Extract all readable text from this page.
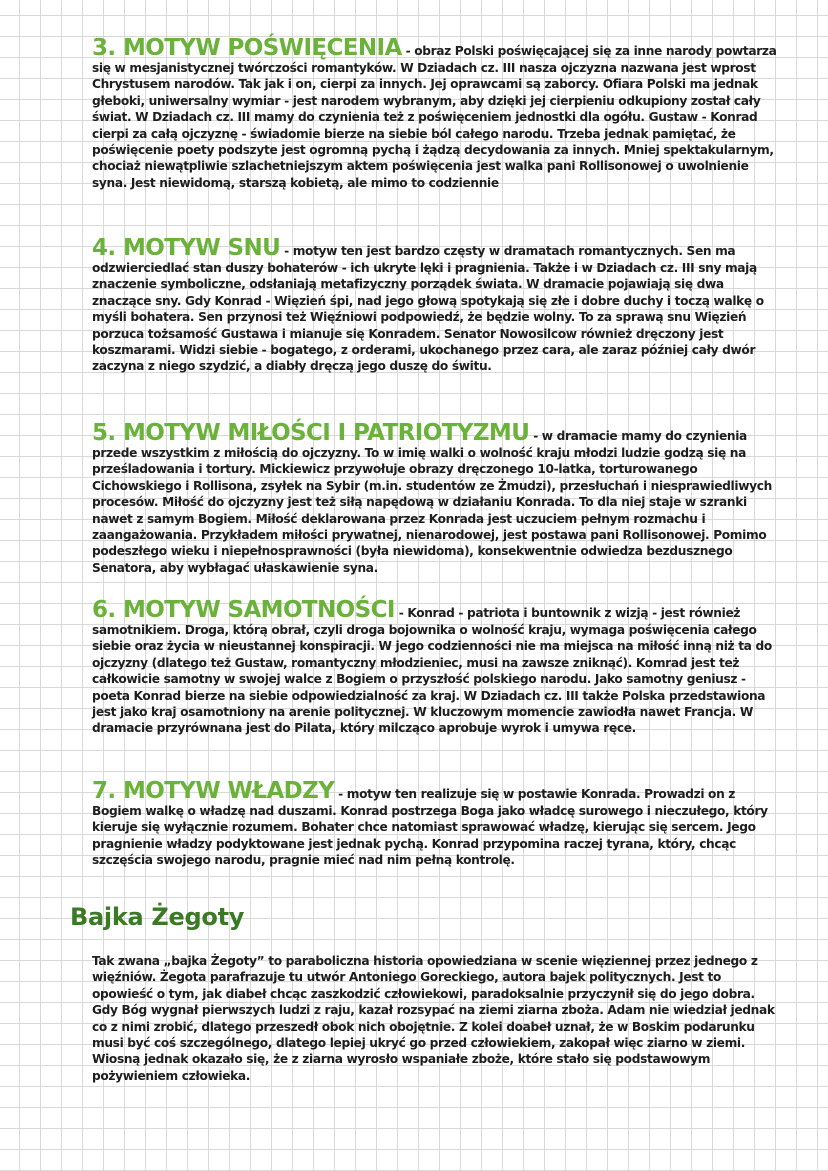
3. MOTYW POŚWIĘCENIA - obraz Polski poświęcającej się za inne narody powtarza się w mesjanistycznej twórczości romantyków. W Dziadach cz. III nasza ojczyzna nazwana jest wprost Chrystusem narodów. Tak jak i on, cierpi za innych. Jej oprawcami są zaborcy. Ofiara Polski ma jednak głeboki, uniwersalny wymiar - jest narodem wybranym, aby dzięki jej cierpieniu odkupiony został cały świat. W Dziadach cz. III mamy do czynienia też z poświęceniem jednostki dla ogółu. Gustaw - Konrad cierpi za całą ojczyznę - świadomie bierze na siebie ból całego narodu. Trzeba jednak pamiętać, że poświęcenie poety podszyte jest ogromną pychą i żądzą decydowania za innych. Mniej spektakularnym, chociaż niewątpliwie szlachetniejszym aktem poświęcenia jest walka pani Rollisonowej o uwolnienie syna. Jest niewidomą, starszą kobietą, ale mimo to codziennie

4. MOTYW SNU - motyw ten jest bardzo częsty w dramatach romantycznych. Sen ma odzwierciedlać stan duszy bohaterów - ich ukryte lęki i pragnienia. Także i w Dziadach cz. III sny mają znaczenie symboliczne, odsłaniają metafizyczny porządek świata. W dramacie pojawiają się dwa znaczące sny. Gdy Konrad - Więzień śpi, nad jego głową spotykają się złe i dobre duchy i toczą walkę o myśli bohatera. Sen przynosi też Więźniowi podpowiedź, że będzie wolny. To za sprawą snu Więzień porzuca tożsamość Gustawa i mianuje się Konradem. Senator Nowosilcow również dręczony jest koszmarami. Widzi siebie - bogatego, z orderami, ukochanego przez cara, ale zaraz później cały dwór zaczyna z niego szydzić, a diabły dręczą jego duszę do świtu.

5. MOTYW MIŁOŚCI I PATRIOTYZMU - w dramacie mamy do czynienia przede wszystkim z miłością do ojczyzny. To w imię walki o wolność kraju młodzi ludzie godzą się na prześladowania i tortury. Mickiewicz przywołuje obrazy dręczonego 10-latka, torturowanego Cichowskiego i Rollisona, zsyłek na Sybir (m.in. studentów ze Żmudzi), przesłuchań i niesprawiedliwych procesów. Miłość do ojczyzny jest też siłą napędową w działaniu Konrada. To dla niej staje w szranki nawet z samym Bogiem. Miłość deklarowana przez Konrada jest uczuciem pełnym rozmachu i zaangażowania. Przykładem miłości prywatnej, nienarodowej, jest postawa pani Rollisonowej. Pomimo podeszłego wieku i niepełnosprawności (była niewidoma), konsekwentnie odwiedza bezdusznego Senatora, aby wybłagać ułaskawienie syna.

6. MOTYW SAMOTNOŚCI - Konrad - patriota i buntownik z wizją - jest również samotnikiem. Droga, którą obrał, czyli droga bojownika o wolność kraju, wymaga poświęcenia całego siebie oraz życia w nieustannej konspiracji. W jego codzienności nie ma miejsca na miłość inną niż ta do ojczyzny (dlatego też Gustaw, romantyczny młodzieniec, musi na zawsze zniknąć). Komrad jest też całkowicie samotny w swojej walce z Bogiem o przyszłość polskiego narodu. Jako samotny geniusz - poeta Konrad bierze na siebie odpowiedzialność za kraj. W Dziadach cz. III także Polska przedstawiona jest jako kraj osamotniony na arenie politycznej. W kluczowym momencie zawiodła nawet Francja. W dramacie przyrównana jest do Pilata, który milcząco aprobuje wyrok i umywa ręce.

7. MOTYW WŁADZY - motyw ten realizuje się w postawie Konrada. Prowadzi on z Bogiem walkę o władzę nad duszami. Konrad postrzega Boga jako władcę surowego i nieczułego, który kieruje się wyłącznie rozumem. Bohater chce natomiast sprawować władzę, kierując się sercem. Jego pragnienie władzy podyktowane jest jednak pychą. Konrad przypomina raczej tyrana, który, chcąc szczęścia swojego narodu, pragnie mieć nad nim pełną kontrolę.

Bajka Żegoty

Tak zwana „bajka Żegoty” to paraboliczna historia opowiedziana w scenie więziennej przez jednego z więźniów. Żegota parafrazuje tu utwór Antoniego Goreckiego, autora bajek politycznych. Jest to opowieść o tym, jak diabeł chcąc zaszkodzić człowiekowi, paradoksalnie przyczynił się do jego dobra. Gdy Bóg wygnał pierwszych ludzi z raju, kazał rozsypać na ziemi ziarna zboża. Adam nie wiedział jednak co z nimi zrobić, dlatego przeszedł obok nich obojętnie. Z kolei doabeł uznał, że w Boskim podarunku musi być coś szczególnego, dlatego lepiej ukryć go przed człowiekiem, zakopał więc ziarno w ziemi. Wiosną jednak okazało się, że z ziarna wyrosło wspaniałe zboże, które stało się podstawowym pożywieniem człowieka.
